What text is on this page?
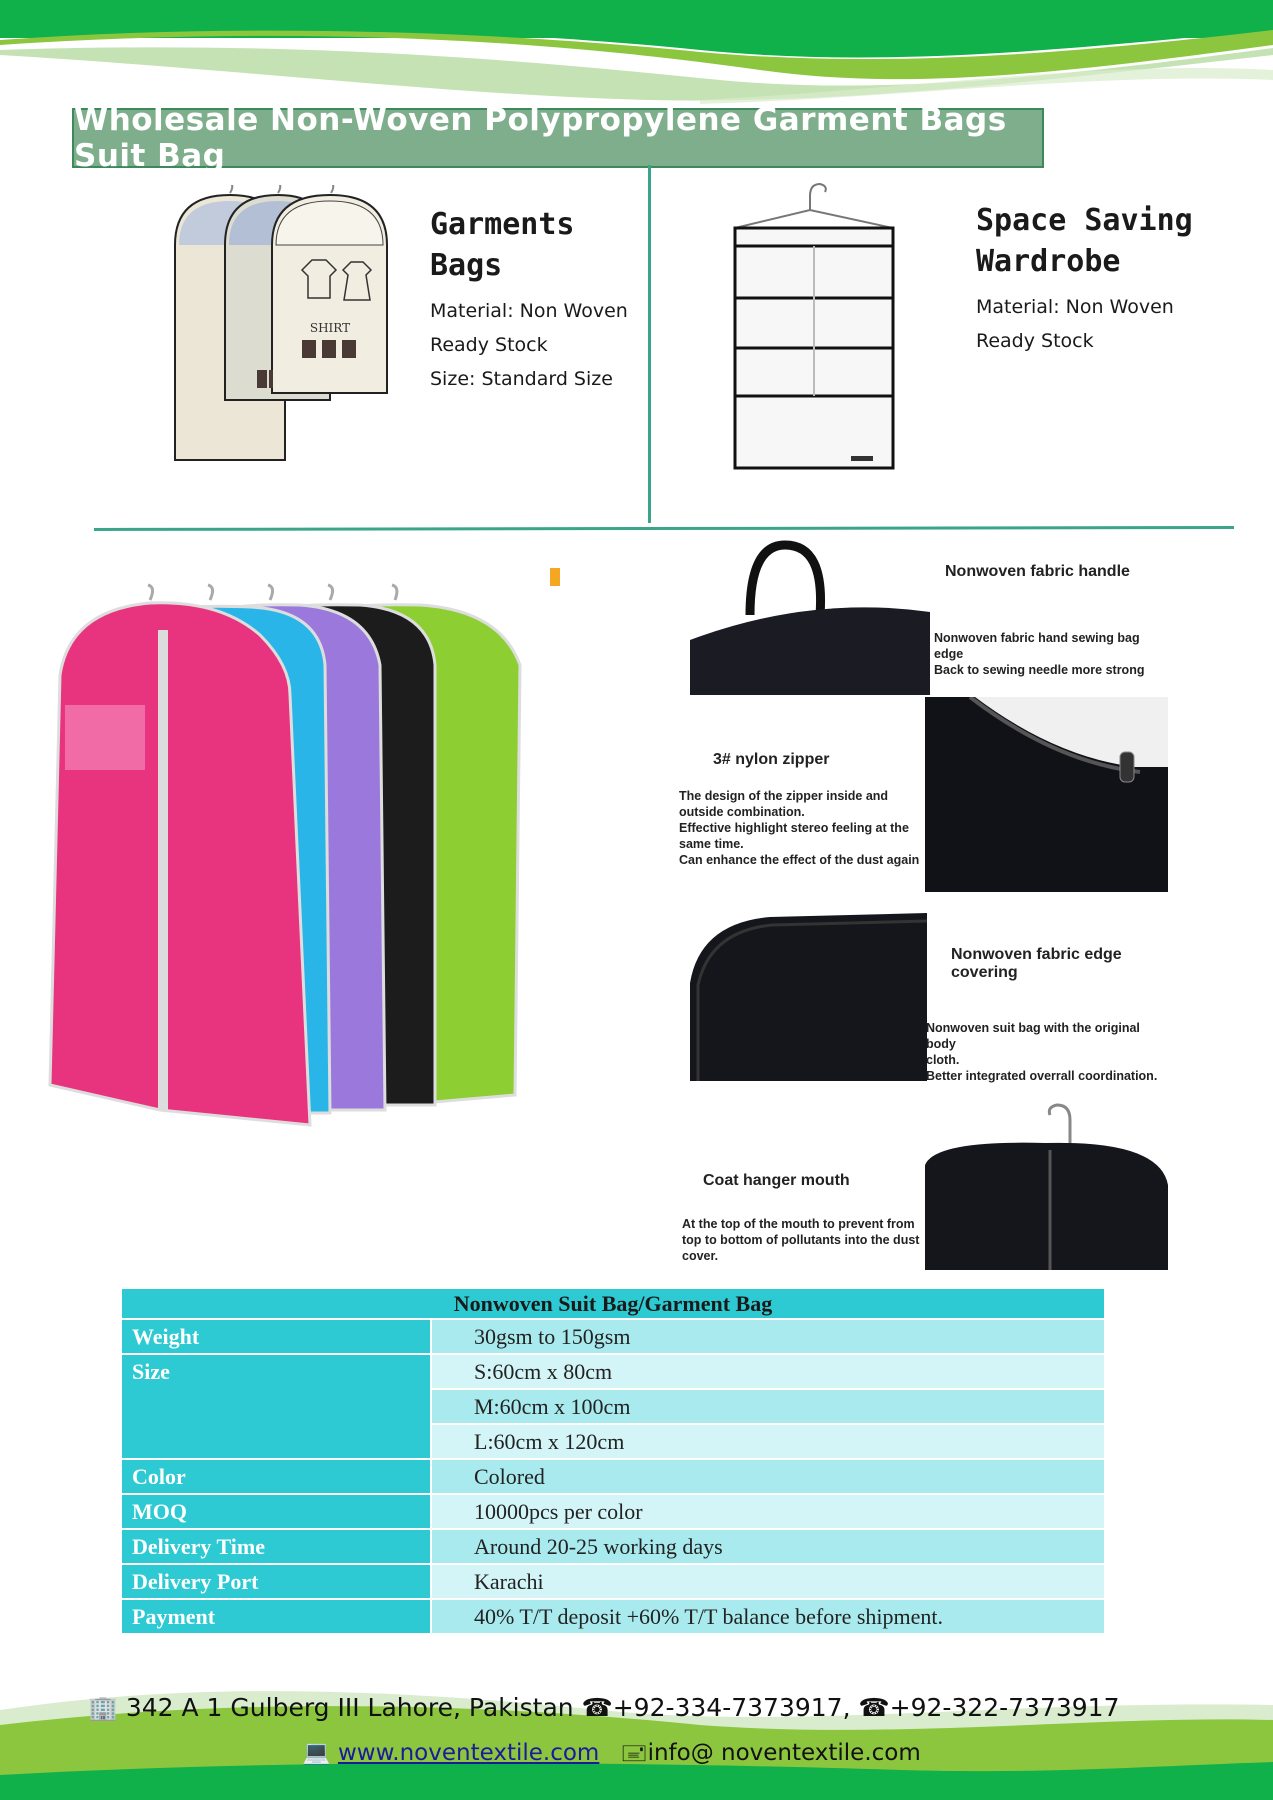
Wholesale Non-Woven Polypropylene Garment Bags Suit Bag
SHIRT
Garments
Bags
Material: Non Woven
Ready Stock
Size: Standard Size
Space Saving
Wardrobe
Material: Non Woven
Ready Stock
Nonwoven fabric handle
Nonwoven fabric hand sewing bag edge
Back to sewing needle more strong
3# nylon zipper
The design of the zipper inside and
outside combination.
Effective highlight stereo feeling at the
same time.
Can enhance the effect of the dust again
Nonwoven fabric edge
covering
Nonwoven suit bag with the original body
cloth.
Better integrated overrall coordination.
Coat hanger mouth
At the top of the mouth to prevent from
top to bottom of pollutants into the dust
cover.
Nonwoven Suit Bag/Garment Bag	
Weight	30gsm to 150gsm
Size	S:60cm x 80cm
	M:60cm x 100cm
	L:60cm x 120cm
Color	Colored
MOQ	10000pcs per color
Delivery Time	Around 20-25 working days
Delivery Port	Karachi
Payment	40% T/T deposit +60% T/T balance before shipment.
🏢 342 A 1 Gulberg III Lahore, Pakistan ☎+92-334-7373917, ☎+92-322-7373917
💻 www.noventextile.com 🖃info@ noventextile.com
